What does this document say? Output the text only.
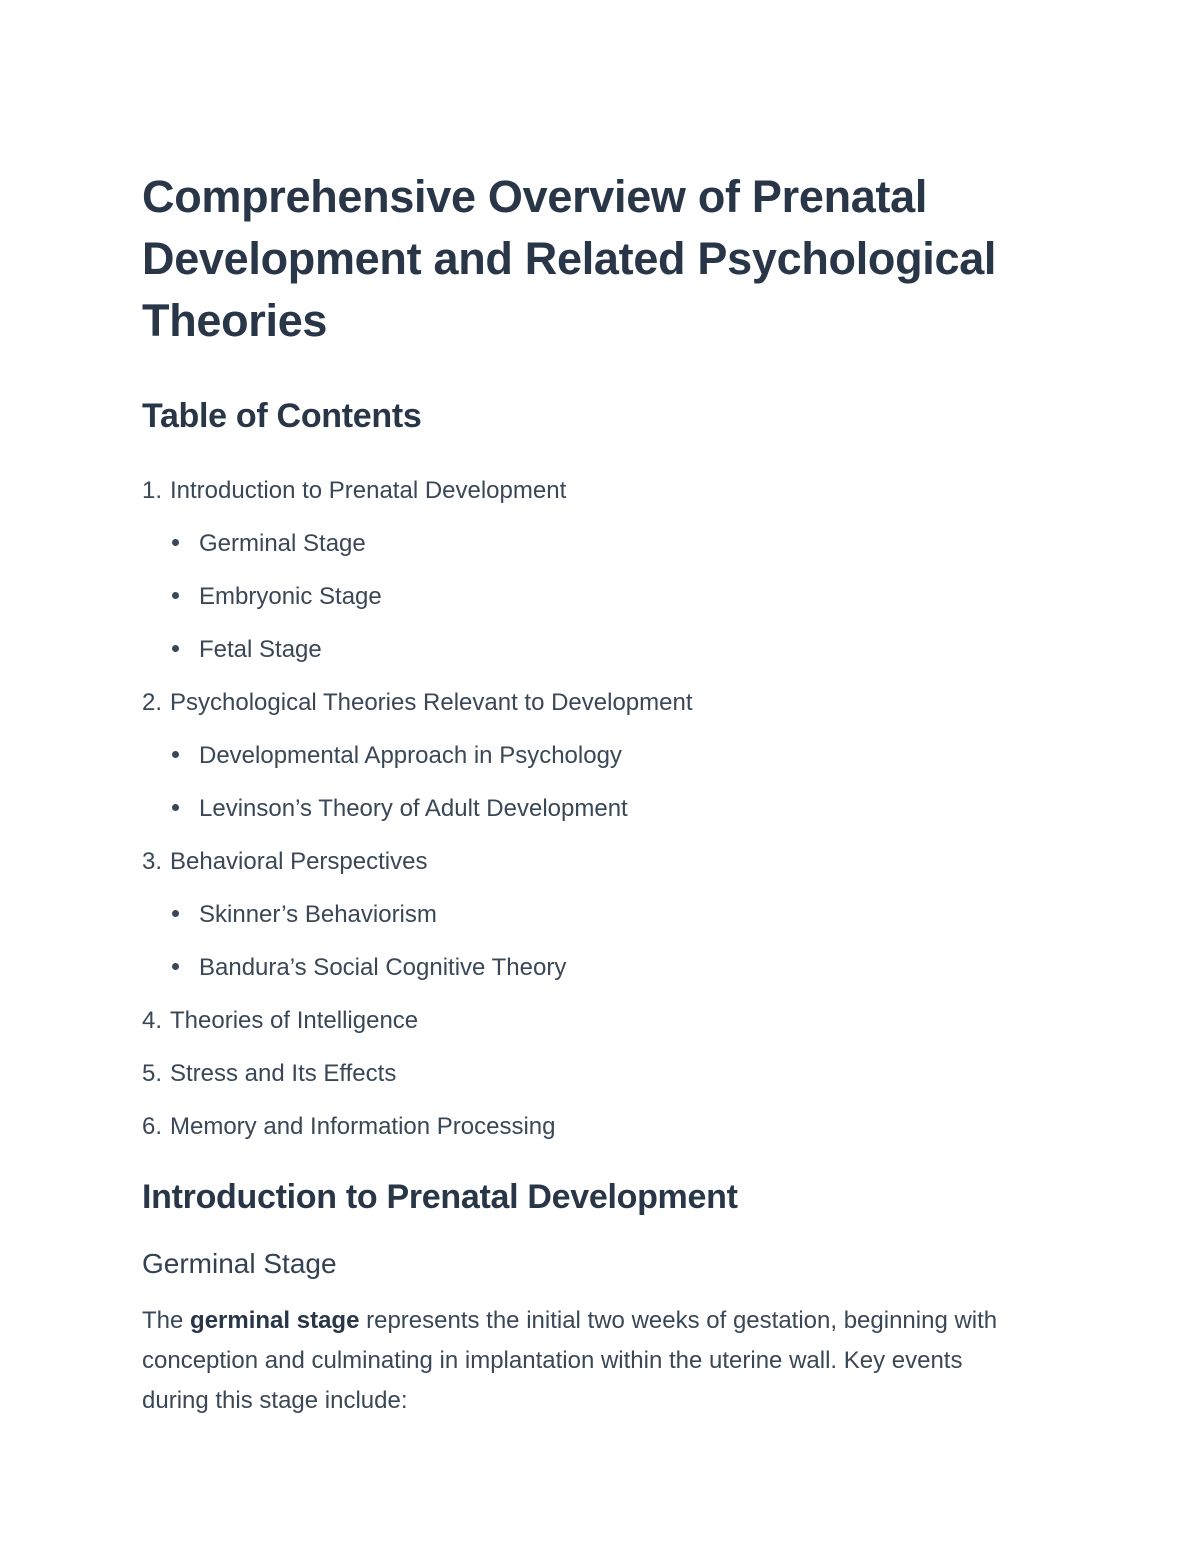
Comprehensive Overview of Prenatal Development and Related Psychological Theories
Table of Contents
1. Introduction to Prenatal Development
Germinal Stage
Embryonic Stage
Fetal Stage
2. Psychological Theories Relevant to Development
Developmental Approach in Psychology
Levinson’s Theory of Adult Development
3. Behavioral Perspectives
Skinner’s Behaviorism
Bandura’s Social Cognitive Theory
4. Theories of Intelligence
5. Stress and Its Effects
6. Memory and Information Processing
Introduction to Prenatal Development
Germinal Stage

The germinal stage represents the initial two weeks of gestation, beginning with conception and culminating in implantation within the uterine wall. Key events during this stage include:
